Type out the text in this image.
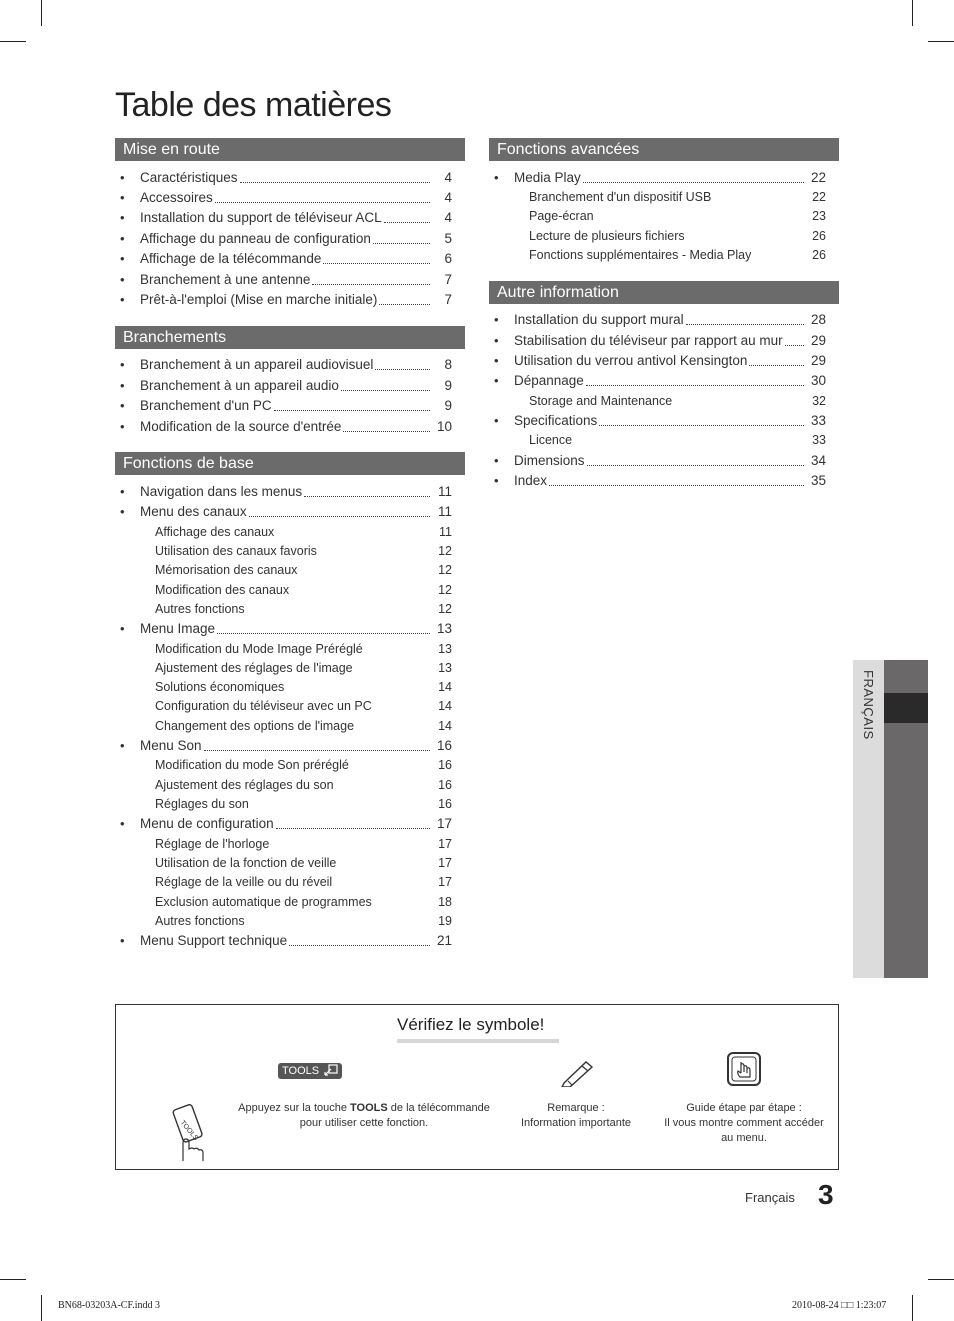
Table des matières
Mise en route
•	Caractéristiques	4
•	Accessoires	4
•	Installation du support de téléviseur ACL	4
•	Affichage du panneau de configuration	5
•	Affichage de la télécommande	6
•	Branchement à une antenne	7
•	Prêt-à-l'emploi (Mise en marche initiale)	7
Branchements
•	Branchement à un appareil audiovisuel	8
•	Branchement à un appareil audio	9
•	Branchement d'un PC	9
•	Modification de la source d'entrée	10
Fonctions de base
•	Navigation dans les menus	11
•	Menu des canaux	11
Affichage des canaux	11
Utilisation des canaux favoris	12
Mémorisation des canaux	12
Modification des canaux	12
Autres fonctions	12
•	Menu Image	13
Modification du Mode Image Préréglé	13
Ajustement des réglages de l'image	13
Solutions économiques	14
Configuration du téléviseur avec un PC	14
Changement des options de l'image	14
•	Menu Son	16
Modification du mode Son préréglé	16
Ajustement des réglages du son	16
Réglages du son	16
•	Menu de configuration	17
Réglage de l'horloge	17
Utilisation de la fonction de veille	17
Réglage de la veille ou du réveil	17
Exclusion automatique de programmes	18
Autres fonctions	19
•	Menu Support technique	21
Fonctions avancées
•	Media Play	22
Branchement d'un dispositif USB	22
Page-écran	23
Lecture de plusieurs fichiers	26
Fonctions supplémentaires - Media Play	26
Autre information
•	Installation du support mural	28
•	Stabilisation du téléviseur par rapport au mur	29
•	Utilisation du verrou antivol Kensington	29
•	Dépannage	30
Storage and Maintenance	32
•	Specifications	33
Licence	33
•	Dimensions	34
•	Index	35
FRANÇAIS
Vérifiez le symbole!
TOOLS
TOOLS
Appuyez sur la touche TOOLS de la télécommande
pour utiliser cette fonction.
Remarque :
Information importante
Guide étape par étape :
Il vous montre comment accéder
au menu.
Français 3
BN68-03203A-CF.indd 3	2010-08-24 □□ 1:23:07
